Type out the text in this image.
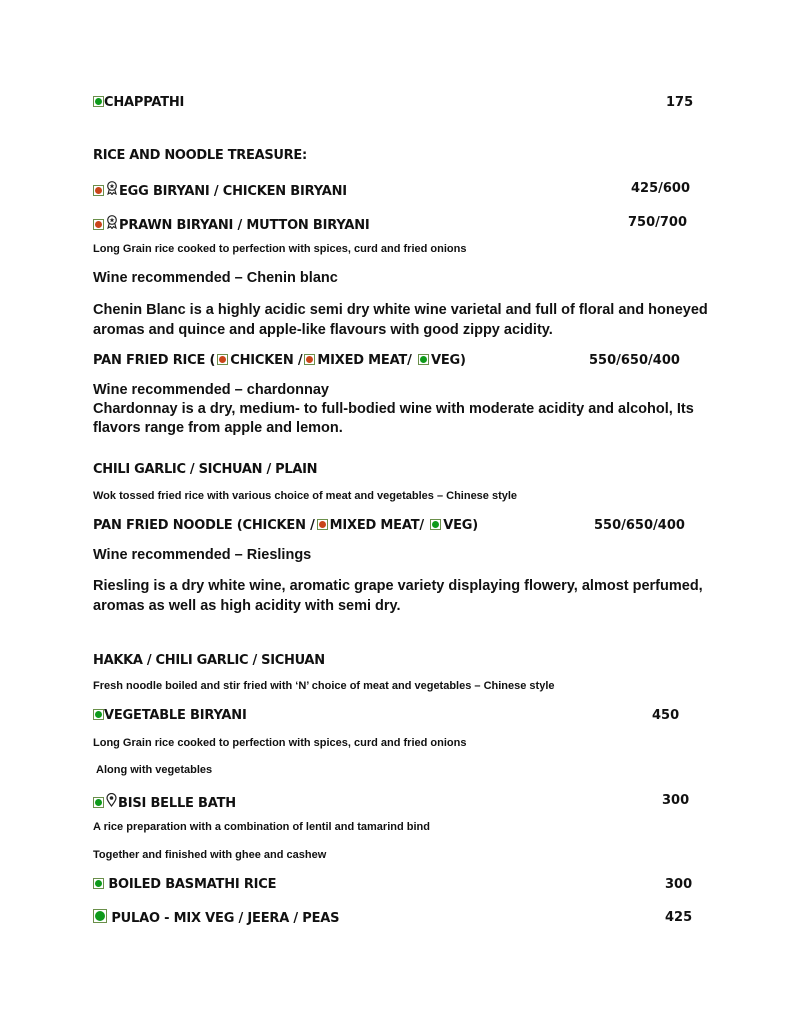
CHAPPATHI	175
RICE AND NOODLE TREASURE:
EGG BIRYANI / CHICKEN BIRYANI	425/600
PRAWN BIRYANI / MUTTON BIRYANI	750/700
Long Grain rice cooked to perfection with spices, curd and fried onions
Wine recommended – Chenin blanc
Chenin Blanc is a highly acidic semi dry white wine varietal and full of floral and honeyed
aromas and quince and apple-like flavours with good zippy acidity.
PAN FRIED RICE ( CHICKEN / MIXED MEAT/ VEG)	550/650/400
Wine recommended – chardonnay
Chardonnay is a dry, medium- to full-bodied wine with moderate acidity and alcohol, Its
flavors range from apple and lemon.
CHILI GARLIC / SICHUAN / PLAIN
Wok tossed fried rice with various choice of meat and vegetables – Chinese style
PAN FRIED NOODLE (CHICKEN / MIXED MEAT/ VEG)	550/650/400
Wine recommended – Rieslings
Riesling is a dry white wine, aromatic grape variety displaying flowery, almost perfumed,
aromas as well as high acidity with semi dry.
HAKKA / CHILI GARLIC / SICHUAN
Fresh noodle boiled and stir fried with ‘N’ choice of meat and vegetables – Chinese style
VEGETABLE BIRYANI	450
Long Grain rice cooked to perfection with spices, curd and fried onions
Along with vegetables
BISI BELLE BATH	300
A rice preparation with a combination of lentil and tamarind bind
Together and finished with ghee and cashew
BOILED BASMATHI RICE	300
PULAO - MIX VEG / JEERA / PEAS	425
